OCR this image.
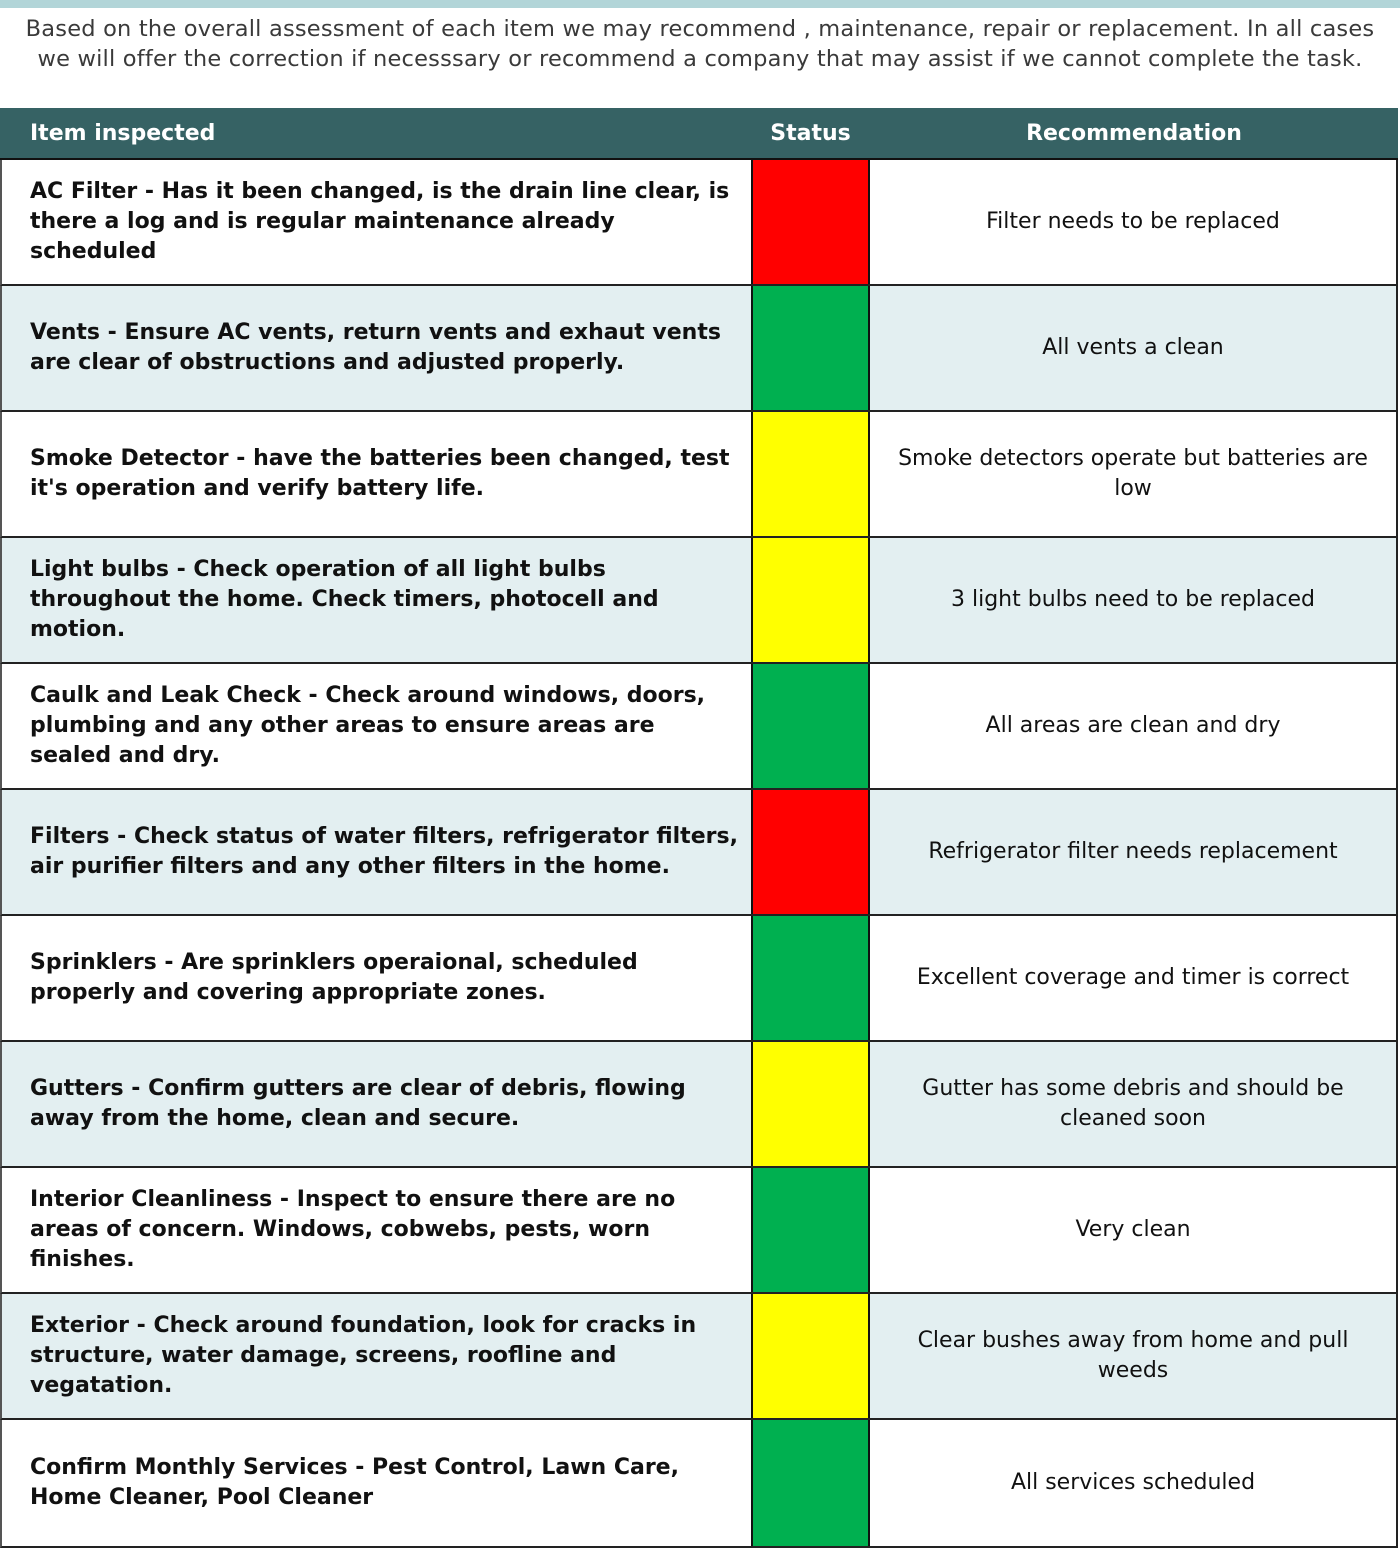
Based on the overall assessment of each item we may recommend , maintenance, repair or replacement. In all cases we will offer the correction if necesssary or recommend a company that may assist if we cannot complete the task.
Item inspected	Status	Recommendation
AC Filter - Has it been changed, is the drain line clear, is there a log and is regular maintenance already scheduled
Filter needs to be replaced
Vents - Ensure AC vents, return vents and exhaut vents are clear of obstructions and adjusted properly.
All vents a clean
Smoke Detector - have the batteries been changed, test it's operation and verify battery life.
Smoke detectors operate but batteries are low
Light bulbs - Check operation of all light bulbs throughout the home. Check timers, photocell and motion.
3 light bulbs need to be replaced
Caulk and Leak Check - Check around windows, doors, plumbing and any other areas to ensure areas are sealed and dry.
All areas are clean and dry
Filters - Check status of water filters, refrigerator filters, air purifier filters and any other filters in the home.
Refrigerator filter needs replacement
Sprinklers - Are sprinklers operaional, scheduled properly and covering appropriate zones.
Excellent coverage and timer is correct
Gutters - Confirm gutters are clear of debris, flowing away from the home, clean and secure.
Gutter has some debris and should be cleaned soon
Interior Cleanliness - Inspect to ensure there are no areas of concern. Windows, cobwebs, pests, worn finishes.
Very clean
Exterior - Check around foundation, look for cracks in structure, water damage, screens, roofline and vegatation.
Clear bushes away from home and pull weeds
Confirm Monthly Services - Pest Control, Lawn Care, Home Cleaner, Pool Cleaner
All services scheduled
